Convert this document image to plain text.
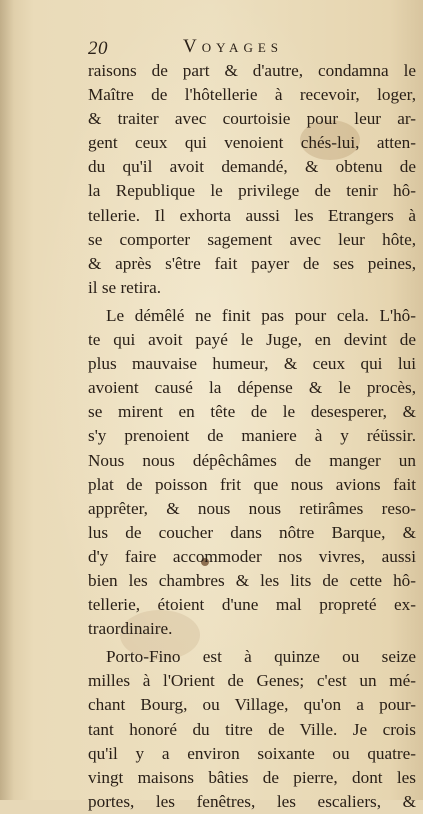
20	Voyages
raisons de part & d'autre, condamna le
Maître de l'hôtellerie à recevoir, loger,
& traiter avec courtoisie pour leur ar-
gent ceux qui venoient chés-lui, atten-
du qu'il avoit demandé, & obtenu de
la Republique le privilege de tenir hô-
tellerie. Il exhorta aussi les Etrangers à
se comporter sagement avec leur hôte,
& après s'être fait payer de ses peines,
il se retira.
Le démêlé ne finit pas pour cela. L'hô-
te qui avoit payé le Juge, en devint de
plus mauvaise humeur, & ceux qui lui
avoient causé la dépense & le procès,
se mirent en tête de le desesperer, &
s'y prenoient de maniere à y réüssir.
Nous nous dépêchâmes de manger un
plat de poisson frit que nous avions fait
apprêter, & nous nous retirâmes reso-
lus de coucher dans nôtre Barque, &
d'y faire accommoder nos vivres, aussi
bien les chambres & les lits de cette hô-
tellerie, étoient d'une mal propreté ex-
traordinaire.
Porto-Fino est à quinze ou seize
milles à l'Orient de Genes; c'est un mé-
chant Bourg, ou Village, qu'on a pour-
tant honoré du titre de Ville. Je crois
qu'il y a environ soixante ou quatre-
vingt maisons bâties de pierre, dont les
portes, les fenêtres, les escaliers, &
